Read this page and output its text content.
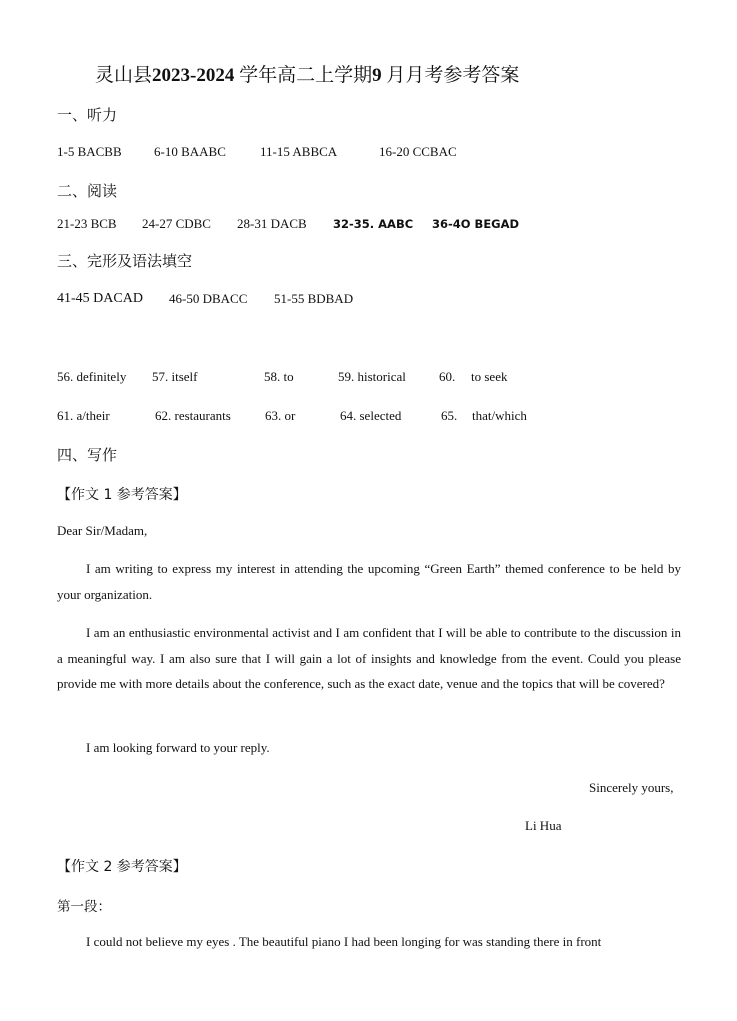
灵山县2023-2024 学年高二上学期9 月月考参考答案
一、听力
1-5 BACBB 6-10 BAABC	11-15 ABBCA	16-20 CCBAC
二、阅读
21-23 BCB 24-27 CDBC 28-31 DACB 32-35. AABC 36-4O BEGAD
三、完形及语法填空
41-45 DACAD 46-50 DBACC 51-55 BDBAD
56. definitely 57. itself	58. to	59. historical	60. to seek
61. a/their	62. restaurants	63. or	64. selected	65. that/which
四、写作
【作文 1 参考答案】
Dear Sir/Madam,
I am writing to express my interest in attending the upcoming “Green Earth” themed conference to be held by your organization.
I am an enthusiastic environmental activist and I am confident that I will be able to contribute to the discussion in a meaningful way. I am also sure that I will gain a lot of insights and knowledge from the event. Could you please provide me with more details about the conference, such as the exact date, venue and the topics that will be covered?
I am looking forward to your reply.
Sincerely yours,
Li Hua
【作文 2 参考答案】
第一段：
I could not believe my eyes . The beautiful piano I had been longing for was standing there in front
